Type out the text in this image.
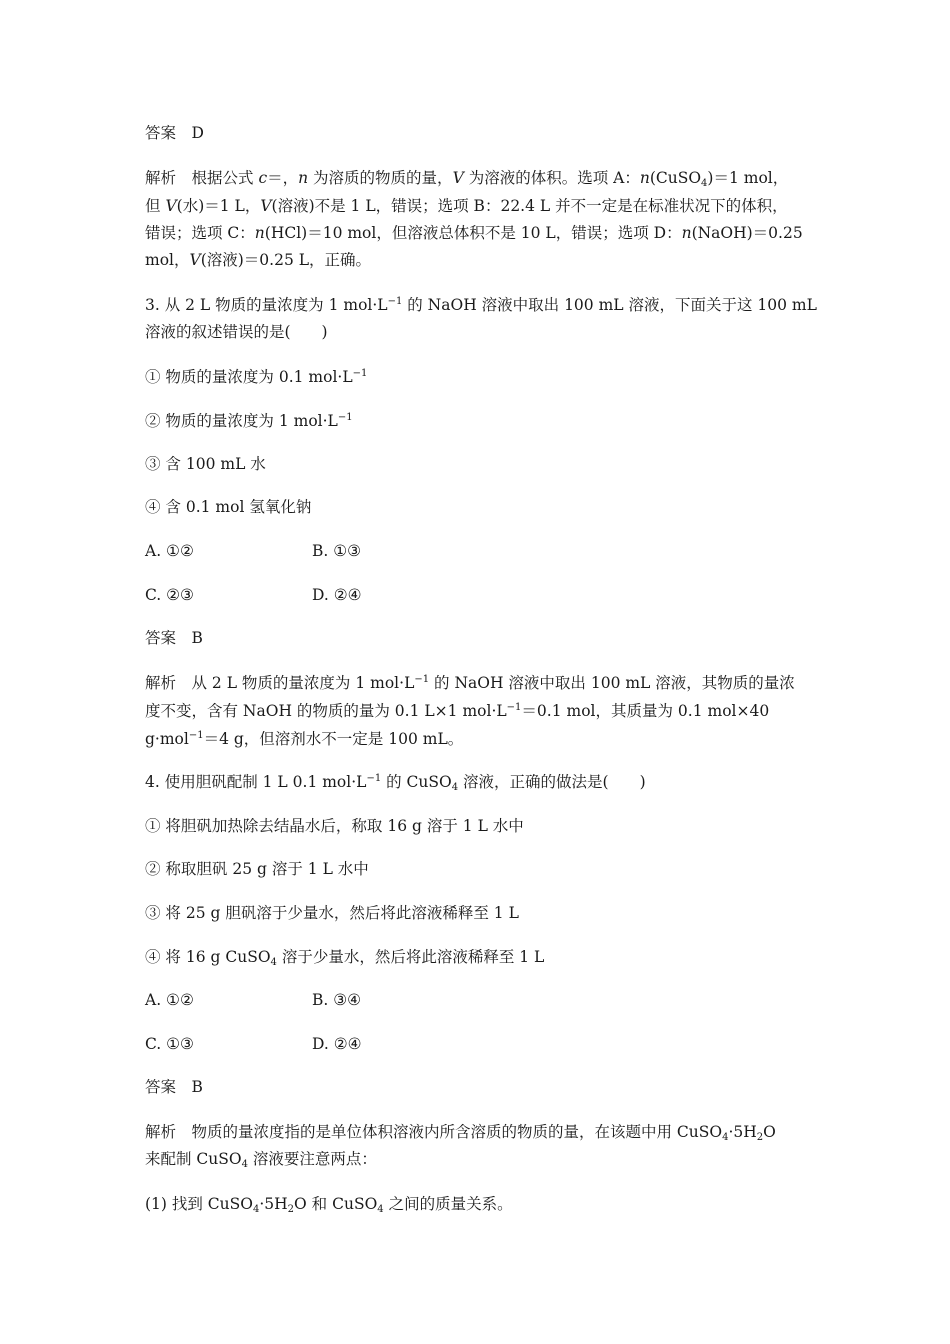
答案　D
解析　根据公式 c＝，n 为溶质的物质的量，V 为溶液的体积。选项 A：n(CuSO$_4$)＝1 mol，
但 V(水)＝1 L，V(溶液)不是 1 L，错误；选项 B：22.4 L 并不一定是在标准状况下的体积，
错误；选项 C：n(HCl)＝10 mol，但溶液总体积不是 10 L，错误；选项 D：n(NaOH)＝0.25
mol，V(溶液)＝0.25 L，正确。
3. 从 2 L 物质的量浓度为 1 $mol\cdot L^{-1}$ 的 NaOH 溶液中取出 100 mL 溶液，下面关于这 100 mL
溶液的叙述错误的是(　　)
① 物质的量浓度为 0.1 $mol\cdot L^{-1}$
② 物质的量浓度为 1 $mol\cdot L^{-1}$
③ 含 100 mL 水
④ 含 0.1 mol 氢氧化钠
A. ①②	B. ①③
C. ②③	D. ②④
答案　B
解析　从 2 L 物质的量浓度为 1 $mol\cdot L^{-1}$ 的 NaOH 溶液中取出 100 mL 溶液，其物质的量浓
度不变，含有 NaOH 的物质的量为 0.1 L×1 $mol\cdot L^{-1}=0.1$ mol，其质量为 0.1 mol×40
g·mol$^{-1}$＝4 g，但溶剂水不一定是 100 mL。
4. 使用胆矾配制 1 L 0.1 $mol\cdot L^{-1}$ 的 CuSO$_4$ 溶液，正确的做法是(　　)
① 将胆矾加热除去结晶水后，称取 16 g 溶于 1 L 水中
② 称取胆矾 25 g 溶于 1 L 水中
③ 将 25 g 胆矾溶于少量水，然后将此溶液稀释至 1 L
④ 将 16 g CuSO$_4$ 溶于少量水，然后将此溶液稀释至 1 L
A. ①②	B. ③④
C. ①③	D. ②④
答案　B
解析　物质的量浓度指的是单位体积溶液内所含溶质的物质的量，在该题中用 $CuSO_4\cdot 5H_2O$
来配制 CuSO$_4$ 溶液要注意两点：
(1) 找到 $CuSO_4\cdot 5H_2O$ 和 CuSO$_4$ 之间的质量关系。
